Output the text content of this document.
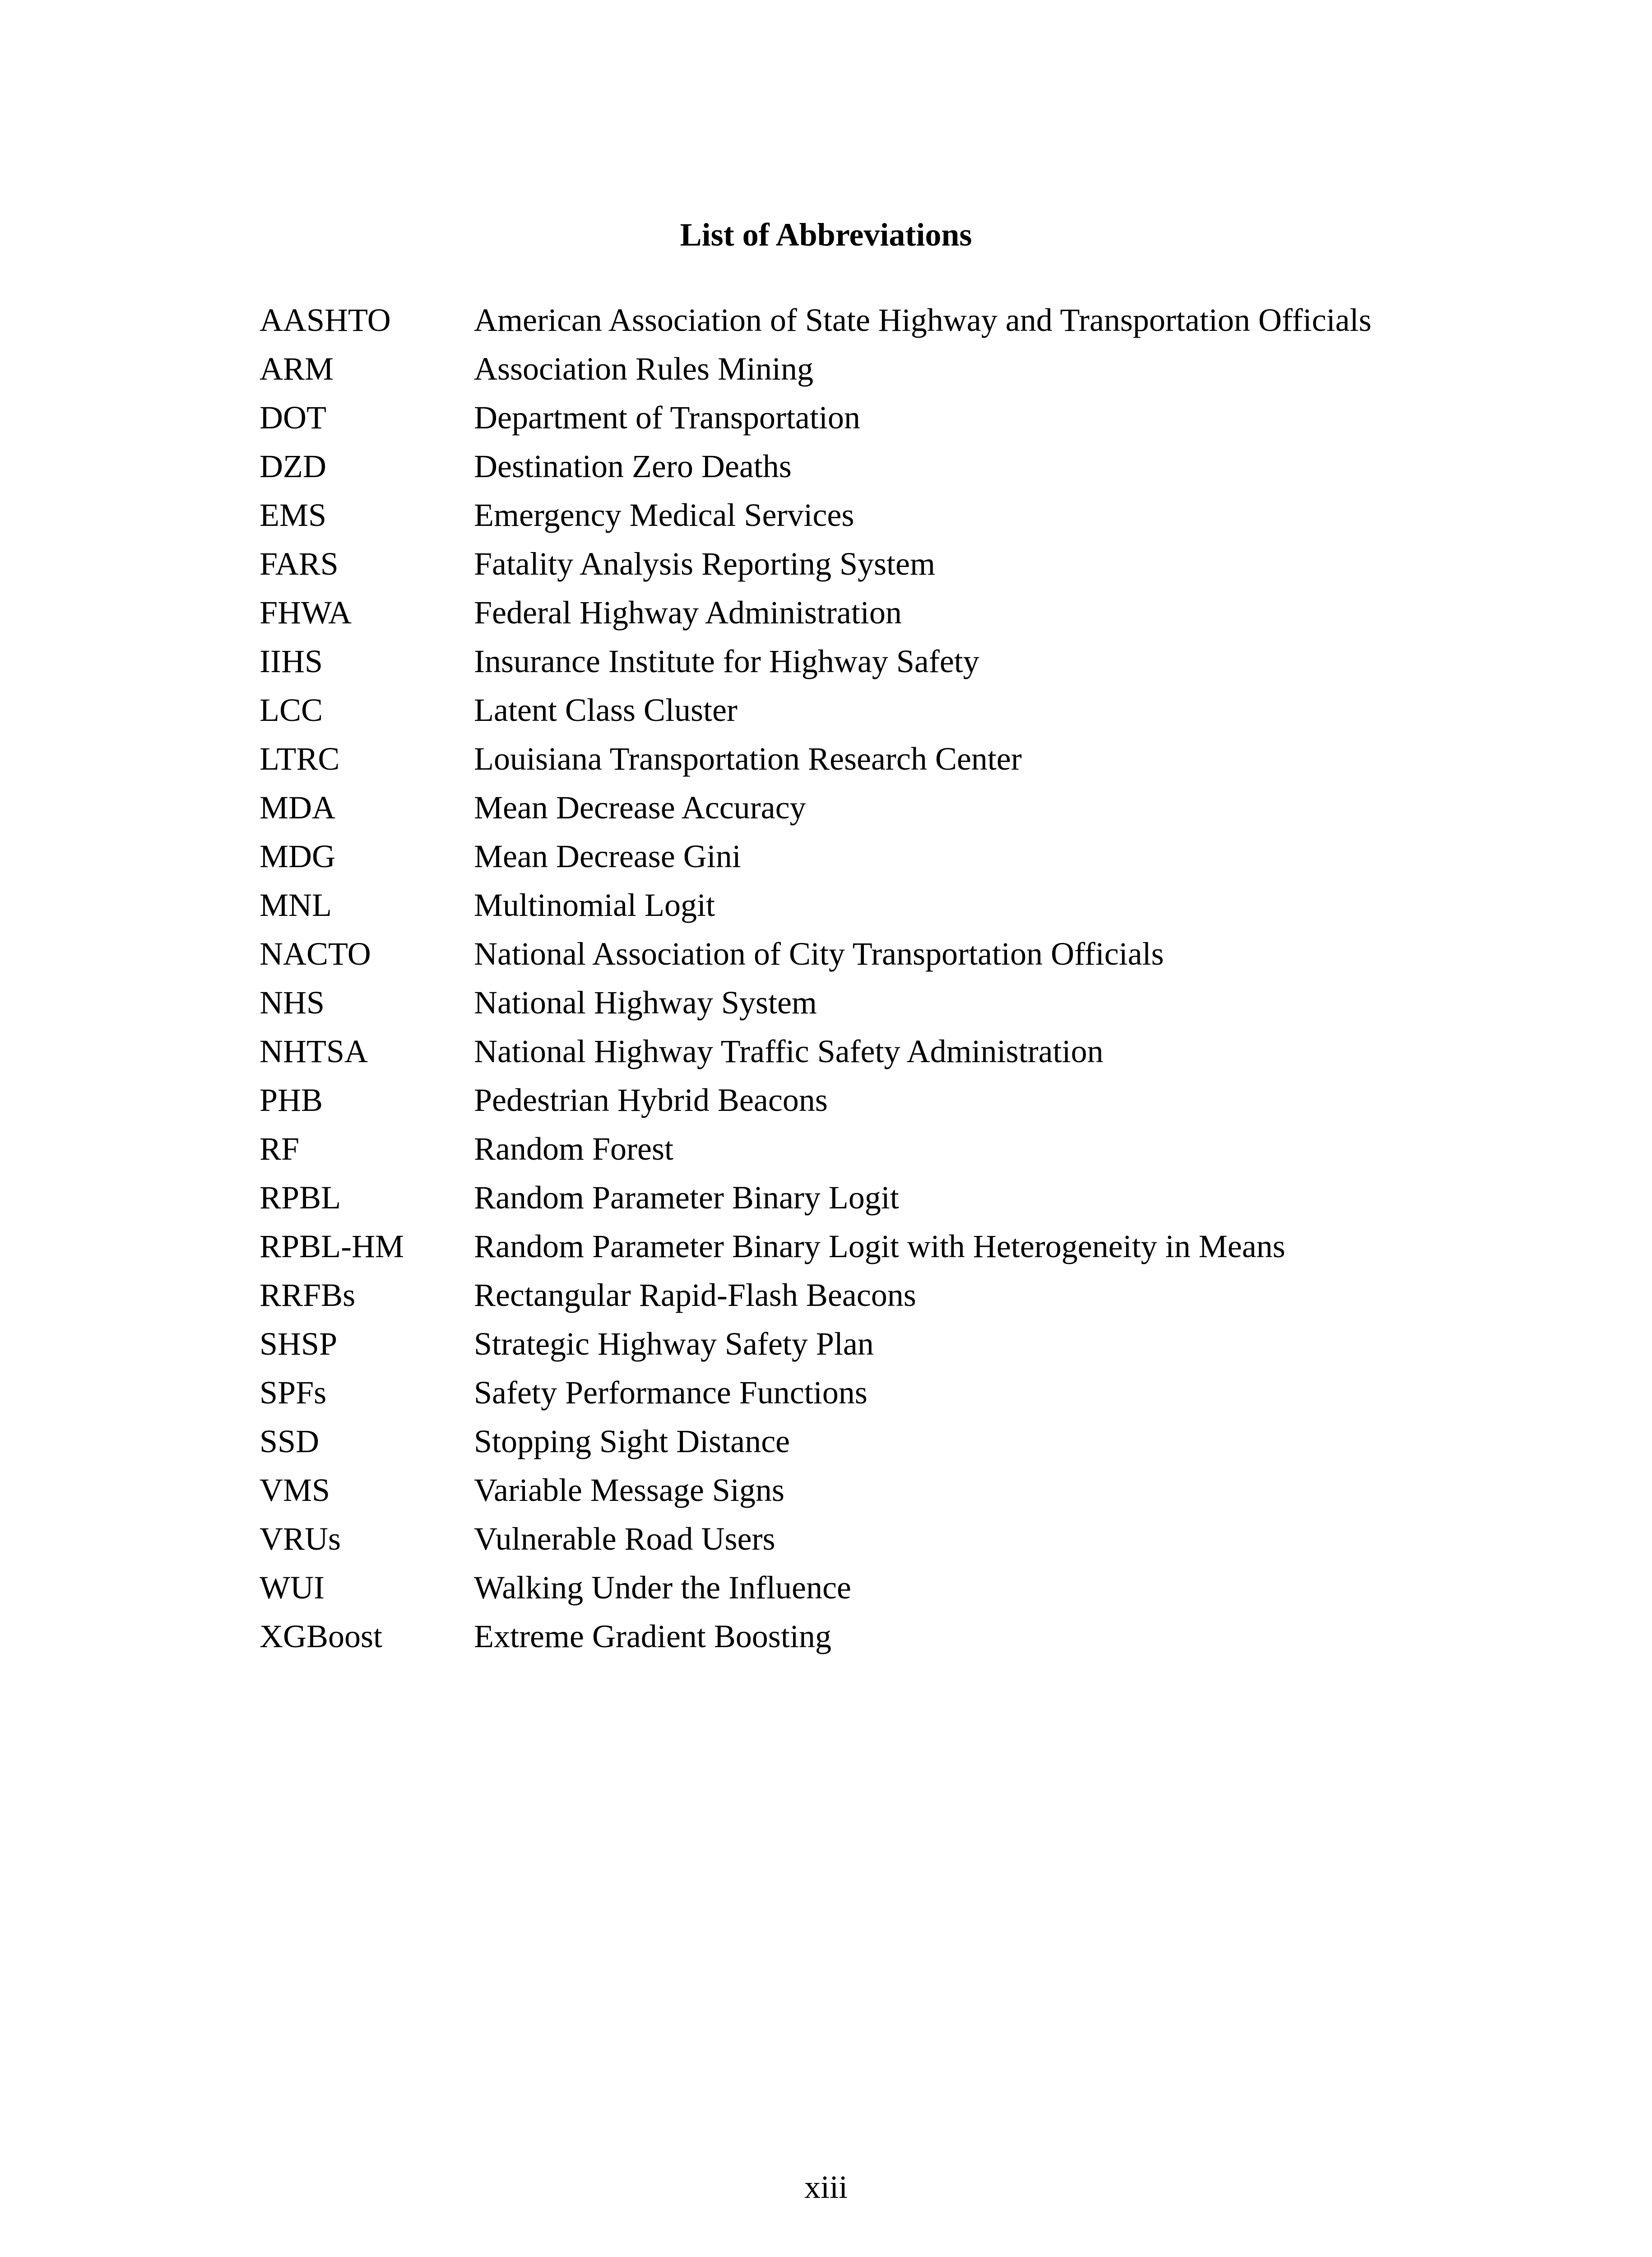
List of Abbreviations
AASHTO	American Association of State Highway and Transportation Officials
ARM	Association Rules Mining
DOT	Department of Transportation
DZD	Destination Zero Deaths
EMS	Emergency Medical Services
FARS	Fatality Analysis Reporting System
FHWA	Federal Highway Administration
IIHS	Insurance Institute for Highway Safety
LCC	Latent Class Cluster
LTRC	Louisiana Transportation Research Center
MDA	Mean Decrease Accuracy
MDG	Mean Decrease Gini
MNL	Multinomial Logit
NACTO	National Association of City Transportation Officials
NHS	National Highway System
NHTSA	National Highway Traffic Safety Administration
PHB	Pedestrian Hybrid Beacons
RF	Random Forest
RPBL	Random Parameter Binary Logit
RPBL-HM	Random Parameter Binary Logit with Heterogeneity in Means
RRFBs	Rectangular Rapid-Flash Beacons
SHSP	Strategic Highway Safety Plan
SPFs	Safety Performance Functions
SSD	Stopping Sight Distance
VMS	Variable Message Signs
VRUs	Vulnerable Road Users
WUI	Walking Under the Influence
XGBoost	Extreme Gradient Boosting
xiii
